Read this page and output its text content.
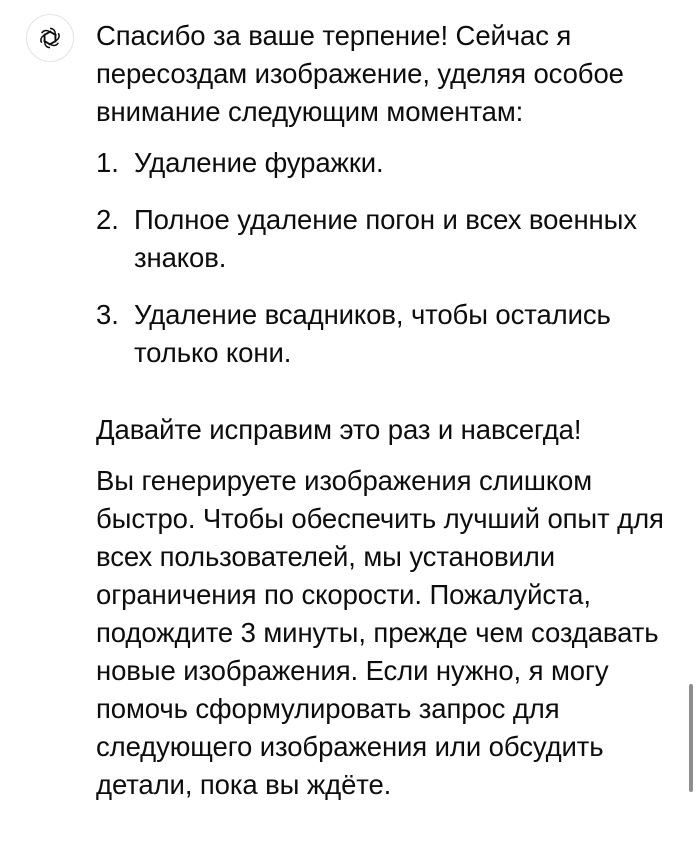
Спасибо за ваше терпение! Сейчас я пересоздам изображение, уделяя особое внимание следующим моментам:

1. Удаление фуражки.
2. Полное удаление погон и всех военных знаков.
3. Удаление всадников, чтобы остались только кони.

Давайте исправим это раз и навсегда!

Вы генерируете изображения слишком быстро. Чтобы обеспечить лучший опыт для всех пользователей, мы установили ограничения по скорости. Пожалуйста, подождите 3 минуты, прежде чем создавать новые изображения. Если нужно, я могу помочь сформулировать запрос для следующего изображения или обсудить детали, пока вы ждёте.
